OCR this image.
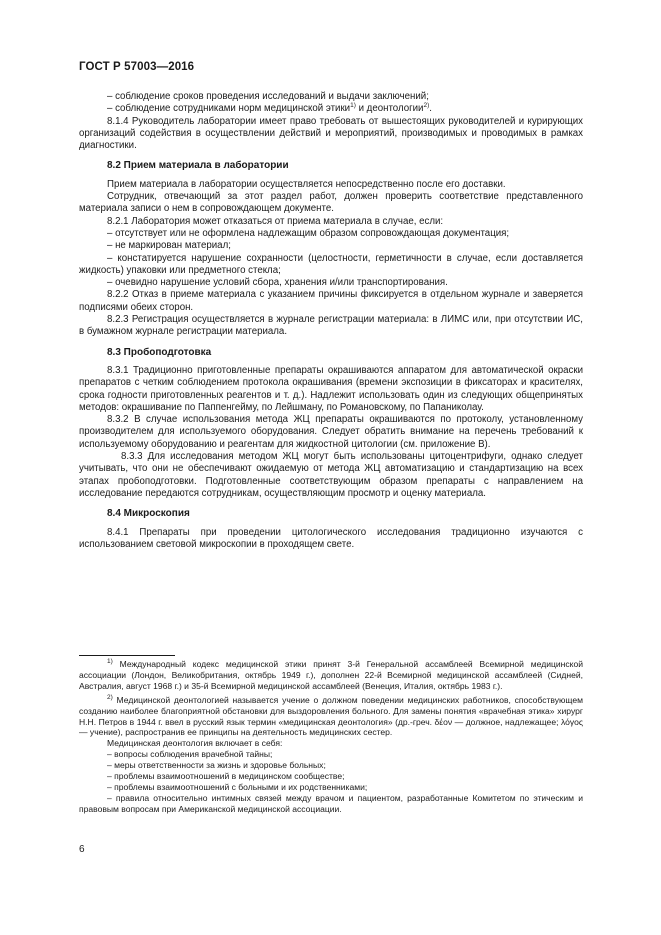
ГОСТ Р 57003—2016

– соблюдение сроков проведения исследований и выдачи заключений;

– соблюдение сотрудниками норм медицинской этики$^{1)}$ и деонтологии$^{2)}$.

8.1.4 Руководитель лаборатории имеет право требовать от вышестоящих руководителей и курирующих организаций содействия в осуществлении действий и мероприятий, производимых и проводимых в рамках диагностики.

8.2 Прием материала в лаборатории

Прием материала в лаборатории осуществляется непосредственно после его доставки.

Сотрудник, отвечающий за этот раздел работ, должен проверить соответствие представленного материала записи о нем в сопровождающем документе.

8.2.1 Лаборатория может отказаться от приема материала в случае, если:

– отсутствует или не оформлена надлежащим образом сопровождающая документация;

– не маркирован материал;

– констатируется нарушение сохранности (целостности, герметичности в случае, если доставляется жидкость) упаковки или предметного стекла;

– очевидно нарушение условий сбора, хранения и/или транспортирования.

8.2.2 Отказ в приеме материала с указанием причины фиксируется в отдельном журнале и заверяется подписями обеих сторон.

8.2.3 Регистрация осуществляется в журнале регистрации материала: в ЛИМС или, при отсутствии ИС, в бумажном журнале регистрации материала.

8.3 Пробоподготовка

8.3.1 Традиционно приготовленные препараты окрашиваются аппаратом для автоматической окраски препаратов с четким соблюдением протокола окрашивания (времени экспозиции в фиксаторах и красителях, срока годности приготовленных реагентов и т. д.). Надлежит использовать один из следующих общепринятых методов: окрашивание по Паппенгейму, по Лейшману, по Романовскому, по Папаниколау.

8.3.2 В случае использования метода ЖЦ препараты окрашиваются по протоколу, установленному производителем для используемого оборудования. Следует обратить внимание на перечень требований к используемому оборудованию и реагентам для жидкостной цитологии (см. приложение В).

8.3.3 Для исследования методом ЖЦ могут быть использованы цитоцентрифуги, однако следует учитывать, что они не обеспечивают ожидаемую от метода ЖЦ автоматизацию и стандартизацию на всех этапах пробоподготовки. Подготовленные соответствующим образом препараты с направлением на исследование передаются сотрудникам, осуществляющим просмотр и оценку материала.

8.4 Микроскопия

8.4.1 Препараты при проведении цитологического исследования традиционно изучаются с использованием световой микроскопии в проходящем свете.

$^{1)}$ Международный кодекс медицинской этики принят 3-й Генеральной ассамблеей Всемирной медицинской ассоциации (Лондон, Великобритания, октябрь 1949 г.), дополнен 22-й Всемирной медицинской ассамблеей (Сидней, Австралия, август 1968 г.) и 35-й Всемирной медицинской ассамблеей (Венеция, Италия, октябрь 1983 г.).

$^{2)}$ Медицинской деонтологией называется учение о должном поведении медицинских работников, способствующем созданию наиболее благоприятной обстановки для выздоровления больного. Для замены понятия «врачебная этика» хирург Н.Н. Петров в 1944 г. ввел в русский язык термин «медицинская деонтология» (др.-греч. δέον — должное, надлежащее; λόγος — учение), распространив ее принципы на деятельность медицинских сестер.

Медицинская деонтология включает в себя:

– вопросы соблюдения врачебной тайны;

– меры ответственности за жизнь и здоровье больных;

– проблемы взаимоотношений в медицинском сообществе;

– проблемы взаимоотношений с больными и их родственниками;

– правила относительно интимных связей между врачом и пациентом, разработанные Комитетом по этическим и правовым вопросам при Американской медицинской ассоциации.

6
